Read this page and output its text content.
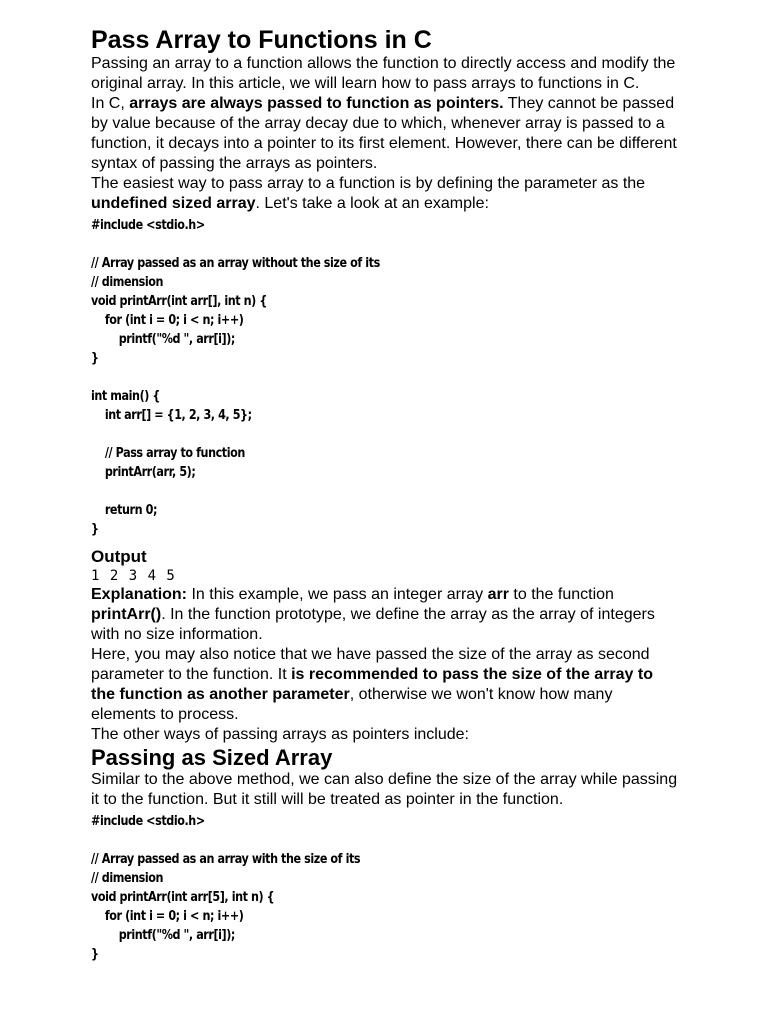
Pass Array to Functions in C

Passing an array to a function allows the function to directly access and modify the original array. In this article, we will learn how to pass arrays to functions in C.

In C, arrays are always passed to function as pointers. They cannot be passed by value because of the array decay due to which, whenever array is passed to a function, it decays into a pointer to its first element. However, there can be different syntax of passing the arrays as pointers.

The easiest way to pass array to a function is by defining the parameter as the undefined sized array. Let's take a look at an example:

#include <stdio.h>

// Array passed as an array without the size of its
// dimension
void printArr(int arr[], int n) {
for (int i = 0; i < n; i++)
printf("%d ", arr[i]);
}

int main() {
int arr[] = {1, 2, 3, 4, 5};

// Pass array to function
printArr(arr, 5);

return 0;
}

Output

1 2 3 4 5

Explanation: In this example, we pass an integer array arr to the function printArr(). In the function prototype, we define the array as the array of integers with no size information.

Here, you may also notice that we have passed the size of the array as second parameter to the function. It is recommended to pass the size of the array to the function as another parameter, otherwise we won't know how many elements to process.

The other ways of passing arrays as pointers include:

Passing as Sized Array

Similar to the above method, we can also define the size of the array while passing it to the function. But it still will be treated as pointer in the function.

#include <stdio.h>

// Array passed as an array with the size of its
// dimension
void printArr(int arr[5], int n) {
for (int i = 0; i < n; i++)
printf("%d ", arr[i]);
}
